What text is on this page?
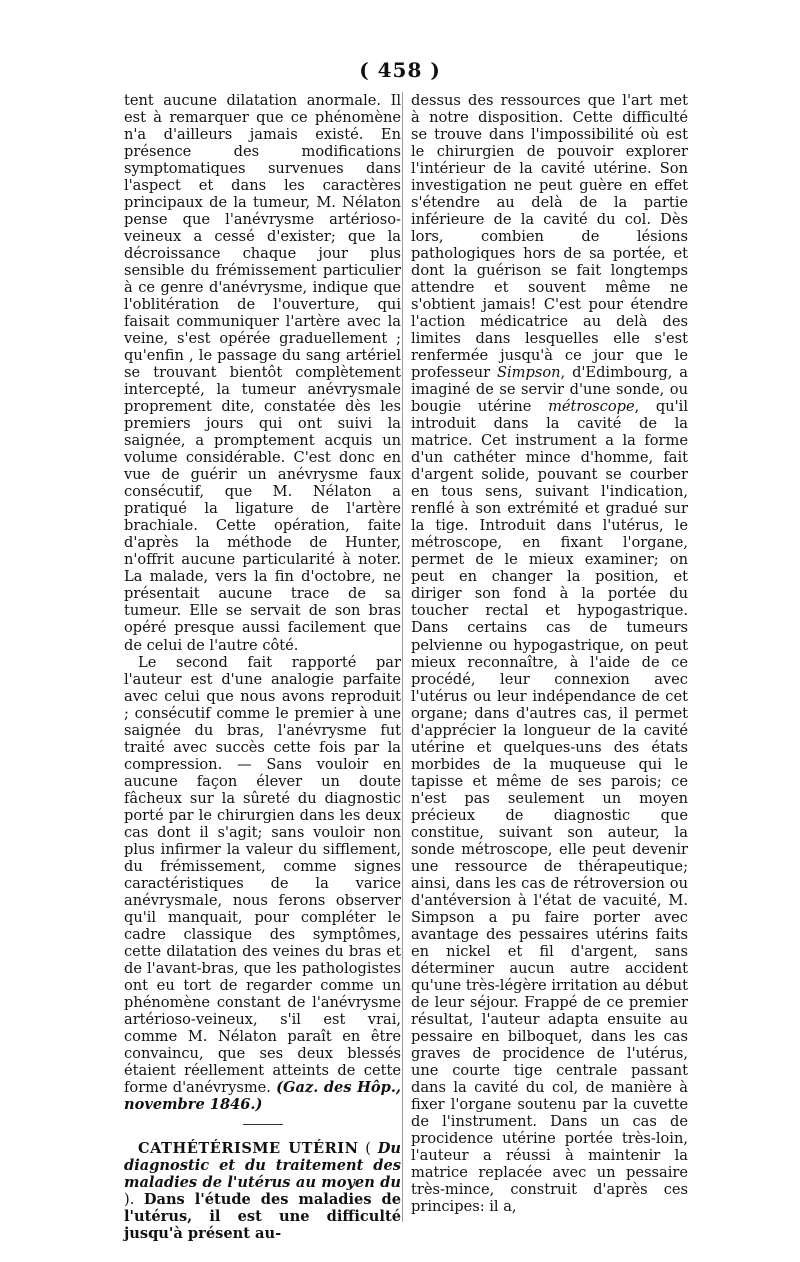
( 458 )

tent aucune dilatation anormale. Il est à remarquer que ce phénomène n'a d'ailleurs jamais existé. En présence des modifications symptomatiques survenues dans l'aspect et dans les caractères principaux de la tumeur, M. Nélaton pense que l'anévrysme artérioso-veineux a cessé d'exister; que la décroissance chaque jour plus sensible du frémissement particulier à ce genre d'anévrysme, indique que l'oblitération de l'ouverture, qui faisait communiquer l'artère avec la veine, s'est opérée graduellement ; qu'enfin , le passage du sang artériel se trouvant bientôt complètement intercepté, la tumeur anévrysmale proprement dite, constatée dès les premiers jours qui ont suivi la saignée, a promptement acquis un volume considérable. C'est donc en vue de guérir un anévrysme faux consécutif, que M. Nélaton a pratiqué la ligature de l'artère brachiale. Cette opération, faite d'après la méthode de Hunter, n'offrit aucune particularité à noter. La malade, vers la fin d'octobre, ne présentait aucune trace de sa tumeur. Elle se servait de son bras opéré presque aussi facilement que de celui de l'autre côté.

Le second fait rapporté par l'auteur est d'une analogie parfaite avec celui que nous avons reproduit ; consécutif comme le premier à une saignée du bras, l'anévrysme fut traité avec succès cette fois par la compression. — Sans vouloir en aucune façon élever un doute fâcheux sur la sûreté du diagnostic porté par le chirurgien dans les deux cas dont il s'agit; sans vouloir non plus infirmer la valeur du sifflement, du frémissement, comme signes caractéristiques de la varice anévrysmale, nous ferons observer qu'il manquait, pour compléter le cadre classique des symptômes, cette dilatation des veines du bras et de l'avant-bras, que les pathologistes ont eu tort de regarder comme un phénomène constant de l'anévrysme artérioso-veineux, s'il est vrai, comme M. Nélaton paraît en être convaincu, que ses deux blessés étaient réellement atteints de cette forme d'anévrysme. (Gaz. des Hôp., novembre 1846.)

CATHÉTÉRISME UTÉRIN ( Du diagnostic et du traitement des maladies de l'utérus au moyen du ). Dans l'étude des maladies de l'utérus, il est une difficulté jusqu'à présent au-

dessus des ressources que l'art met à notre disposition. Cette difficulté se trouve dans l'impossibilité où est le chirurgien de pouvoir explorer l'intérieur de la cavité utérine. Son investigation ne peut guère en effet s'étendre au delà de la partie inférieure de la cavité du col. Dès lors, combien de lésions pathologiques hors de sa portée, et dont la guérison se fait longtemps attendre et souvent même ne s'obtient jamais! C'est pour étendre l'action médicatrice au delà des limites dans lesquelles elle s'est renfermée jusqu'à ce jour que le professeur Simpson, d'Edimbourg, a imaginé de se servir d'une sonde, ou bougie utérine métroscope, qu'il introduit dans la cavité de la matrice. Cet instrument a la forme d'un cathéter mince d'homme, fait d'argent solide, pouvant se courber en tous sens, suivant l'indication, renflé à son extrémité et gradué sur la tige. Introduit dans l'utérus, le métroscope, en fixant l'organe, permet de le mieux examiner; on peut en changer la position, et diriger son fond à la portée du toucher rectal et hypogastrique. Dans certains cas de tumeurs pelvienne ou hypogastrique, on peut mieux reconnaître, à l'aide de ce procédé, leur connexion avec l'utérus ou leur indépendance de cet organe; dans d'autres cas, il permet d'apprécier la longueur de la cavité utérine et quelques-uns des états morbides de la muqueuse qui le tapisse et même de ses parois; ce n'est pas seulement un moyen précieux de diagnostic que constitue, suivant son auteur, la sonde métroscope, elle peut devenir une ressource de thérapeutique; ainsi, dans les cas de rétroversion ou d'antéversion à l'état de vacuité, M. Simpson a pu faire porter avec avantage des pessaires utérins faits en nickel et fil d'argent, sans déterminer aucun autre accident qu'une très-légère irritation au début de leur séjour. Frappé de ce premier résultat, l'auteur adapta ensuite au pessaire en bilboquet, dans les cas graves de procidence de l'utérus, une courte tige centrale passant dans la cavité du col, de manière à fixer l'organe soutenu par la cuvette de l'instrument. Dans un cas de procidence utérine portée très-loin, l'auteur a réussi à maintenir la matrice replacée avec un pessaire très-mince, construit d'après ces principes: il a,
